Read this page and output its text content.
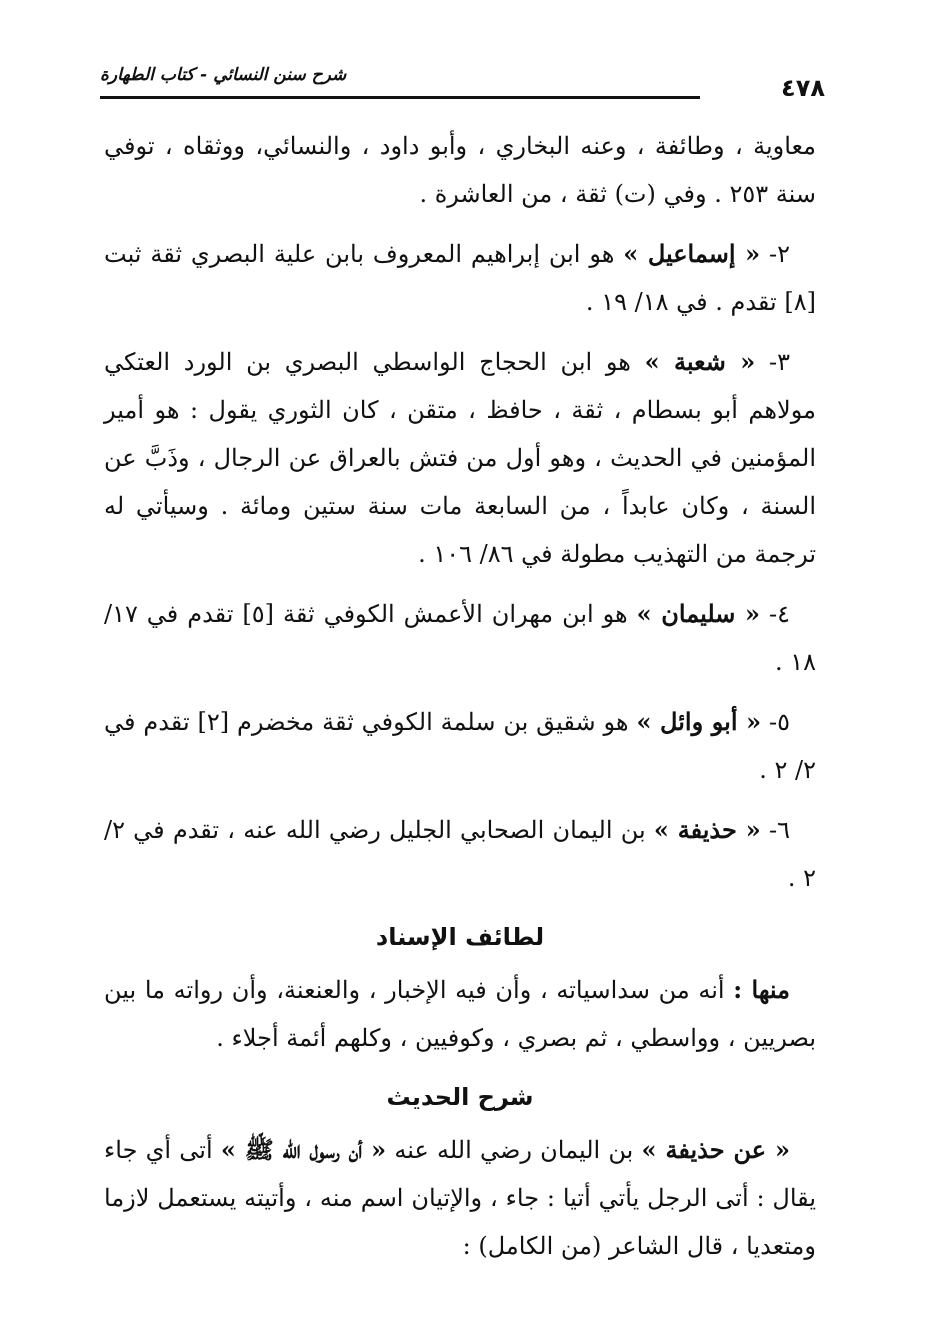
٤٧٨
شرح سنن النسائي - كتاب الطهارة

معاوية ، وطائفة ، وعنه البخاري ، وأبو داود ، والنسائي، ووثقاه ، توفي سنة ٢٥٣ . وفي (ت) ثقة ، من العاشرة .

٢- « إسماعيل » هو ابن إبراهيم المعروف بابن علية البصري ثقة ثبت [٨] تقدم . في ١٨/ ١٩ .

٣- « شعبة » هو ابن الحجاج الواسطي البصري بن الورد العتكي مولاهم أبو بسطام ، ثقة ، حافظ ، متقن ، كان الثوري يقول : هو أمير المؤمنين في الحديث ، وهو أول من فتش بالعراق عن الرجال ، وذَبَّ عن السنة ، وكان عابداً ، من السابعة مات سنة ستين ومائة . وسيأتي له ترجمة من التهذيب مطولة في ٨٦/ ١٠٦ .

٤- « سليمان » هو ابن مهران الأعمش الكوفي ثقة [٥] تقدم في ١٧/ ١٨ .

٥- « أبو وائل » هو شقيق بن سلمة الكوفي ثقة مخضرم [٢] تقدم في ٢/ ٢ .

٦- « حذيفة » بن اليمان الصحابي الجليل رضي الله عنه ، تقدم في ٢/ ٢ .

لطائف الإسناد

منها : أنه من سداسياته ، وأن فيه الإخبار ، والعنعنة، وأن رواته ما بين بصريين ، وواسطي ، ثم بصري ، وكوفيين ، وكلهم أئمة أجلاء .

شرح الحديث

« عن حذيفة » بن اليمان رضي الله عنه « أن رسول الله ﷺ » أتى أي جاء يقال : أتى الرجل يأتي أتيا : جاء ، والإتيان اسم منه ، وأتيته يستعمل لازما ومتعديا ، قال الشاعر (من الكامل) :
